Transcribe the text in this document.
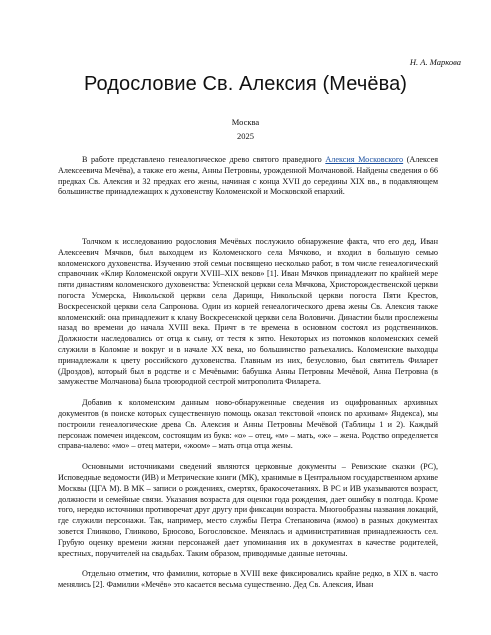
Н. А. Маркова
Родословие Св. Алексия (Мечёва)
Москва
2025

В работе представлено генеалогическое древо святого праведного Алексия Московского (Алексея Алексеевича Мечёва), а также его жены, Анны Петровны, урожденной Молчановой. Найдены сведения о 66 предках Св. Алексия и 32 предках его жены, начиная с конца XVII до середины XIX вв., в подавляющем большинстве принадлежащих к духовенству Коломенской и Московской епархий.

Толчком к исследованию родословия Мечёвых послужило обнаружение факта, что его дед, Иван Алексеевич Мячков, был выходцем из Коломенского села Мячково, и входил в большую семью коломенского духовенства. Изучению этой семьи посвящено несколько работ, в том числе генеалогический справочник «Клир Коломенской округи XVIII–XIX веков» [1]. Иван Мячков принадлежит по крайней мере пяти династиям коломенского духовенства: Успенской церкви села Мячкова, Христорождественской церкви погоста Усмерска, Никольской церкви села Дарищи, Никольской церкви погоста Пяти Крестов, Воскресенской церкви села Сапронова. Один из корней генеалогического древа жены Св. Алексия также коломенский: она принадлежит к клану Воскресенской церкви села Воловичи. Династии были прослежены назад во времени до начала XVIII века. Причт в те времена в основном состоял из родственников. Должности наследовались от отца к сыну, от тестя к зятю. Некоторых из потомков коломенских семей служили в Коломне и вокруг и в начале XX века, но большинство разъехались. Коломенские выходцы принадлежали к цвету российского духовенства. Главным из них, безусловно, был святитель Филарет (Дроздов), который был в родстве и с Мечёвыми: бабушка Анны Петровны Мечёвой, Анна Петровна (в замужестве Молчанова) была троюродной сестрой митрополита Филарета.

Добавив к коломенским данным ново-обнаруженные сведения из оцифрованных архивных документов (в поиске которых существенную помощь оказал текстовой «поиск по архивам» Яндекса), мы построили генеалогические древа Св. Алексия и Анны Петровны Мечёвой (Таблицы 1 и 2). Каждый персонаж помечен индексом, состоящим из букв: «о» – отец, «м» – мать, «ж» – жена. Родство определяется справа-налево: «мо» – отец матери, «жоом» – мать отца отца жены.

Основными источниками сведений являются церковные документы – Ревизские сказки (РС), Исповедные ведомости (ИВ) и Метрические книги (МК), хранимые в Центральном государственном архиве Москвы (ЦГА М). В МК – записи о рождениях, смертях, бракосочетаниях. В РС и ИВ указываются возраст, должности и семейные связи. Указания возраста для оценки года рождения, дает ошибку в полгода. Кроме того, нередко источники противоречат друг другу при фиксации возраста. Многообразны названия локаций, где служили персонажи. Так, например, место службы Петра Степановича (жмоо) в разных документах зовется Глинково, Глинково, Брюсово, Богословское. Менялась и административная принадлежность сел. Грубую оценку времени жизни персонажей дает упоминания их в документах в качестве родителей, крестных, поручителей на свадьбах. Таким образом, приводимые данные неточны.

Отдельно отметим, что фамилии, которые в XVIII веке фиксировались крайне редко, в XIX в. часто менялись [2]. Фамилии «Мечёв» это касается весьма существенно. Дед Св. Алексия, Иван
